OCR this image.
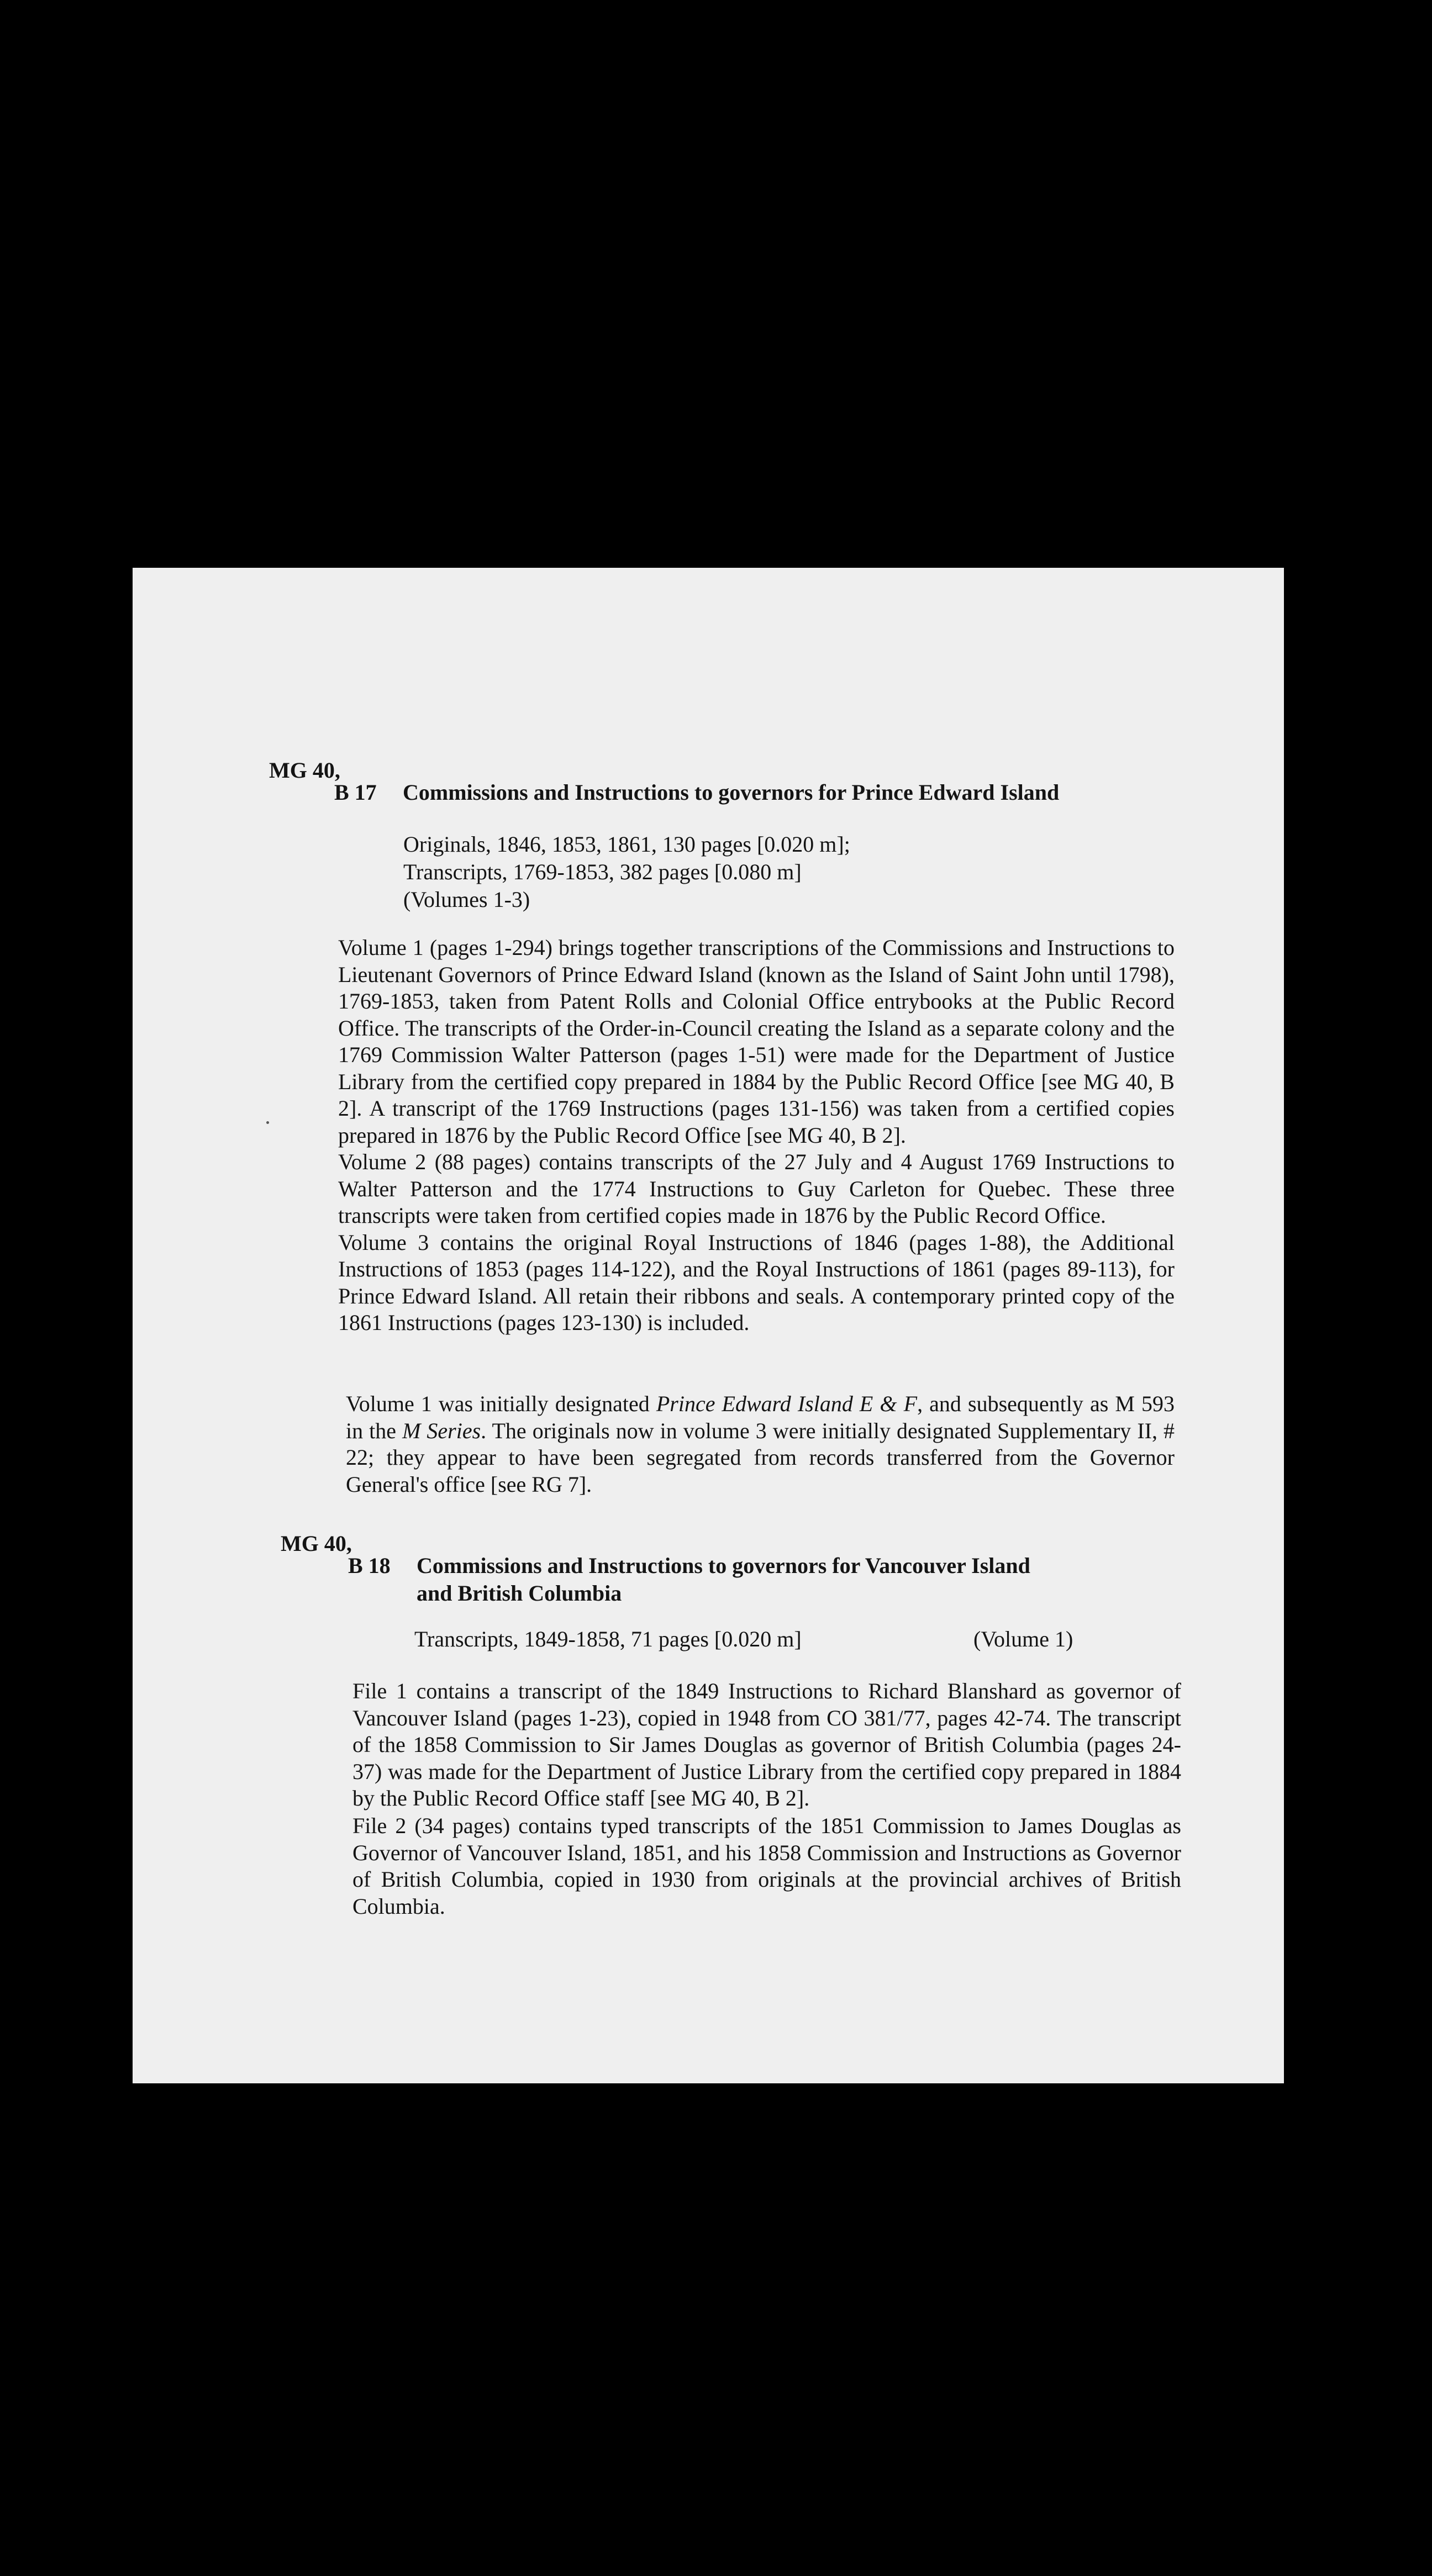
MG 40,
B 17 Commissions and Instructions to governors for Prince Edward Island
Originals, 1846, 1853, 1861, 130 pages [0.020 m];
Transcripts, 1769-1853, 382 pages [0.080 m]
(Volumes 1-3)

Volume 1 (pages 1-294) brings together transcriptions of the Commissions and Instructions to Lieutenant Governors of Prince Edward Island (known as the Island of Saint John until 1798), 1769-1853, taken from Patent Rolls and Colonial Office entrybooks at the Public Record Office. The transcripts of the Order-in-Council creating the Island as a separate colony and the 1769 Commission Walter Patterson (pages 1-51) were made for the Department of Justice Library from the certified copy prepared in 1884 by the Public Record Office [see MG 40, B 2]. A transcript of the 1769 Instructions (pages 131-156) was taken from a certified copies prepared in 1876 by the Public Record Office [see MG 40, B 2].

Volume 2 (88 pages) contains transcripts of the 27 July and 4 August 1769 Instructions to Walter Patterson and the 1774 Instructions to Guy Carleton for Quebec. These three transcripts were taken from certified copies made in 1876 by the Public Record Office.

Volume 3 contains the original Royal Instructions of 1846 (pages 1-88), the Additional Instructions of 1853 (pages 114-122), and the Royal Instructions of 1861 (pages 89-113), for Prince Edward Island. All retain their ribbons and seals. A contemporary printed copy of the 1861 Instructions (pages 123-130) is included.

Volume 1 was initially designated Prince Edward Island E & F, and subsequently as M 593 in the M Series. The originals now in volume 3 were initially designated Supplementary II, # 22; they appear to have been segregated from records transferred from the Governor General's office [see RG 7].

MG 40,
B 18 Commissions and Instructions to governors for Vancouver Island
and British Columbia
Transcripts, 1849-1858, 71 pages [0.020 m]	(Volume 1)

File 1 contains a transcript of the 1849 Instructions to Richard Blanshard as governor of Vancouver Island (pages 1-23), copied in 1948 from CO 381/77, pages 42-74. The transcript of the 1858 Commission to Sir James Douglas as governor of British Columbia (pages 24-37) was made for the Department of Justice Library from the certified copy prepared in 1884 by the Public Record Office staff [see MG 40, B 2].

File 2 (34 pages) contains typed transcripts of the 1851 Commission to James Douglas as Governor of Vancouver Island, 1851, and his 1858 Commission and Instructions as Governor of British Columbia, copied in 1930 from originals at the provincial archives of British Columbia.
